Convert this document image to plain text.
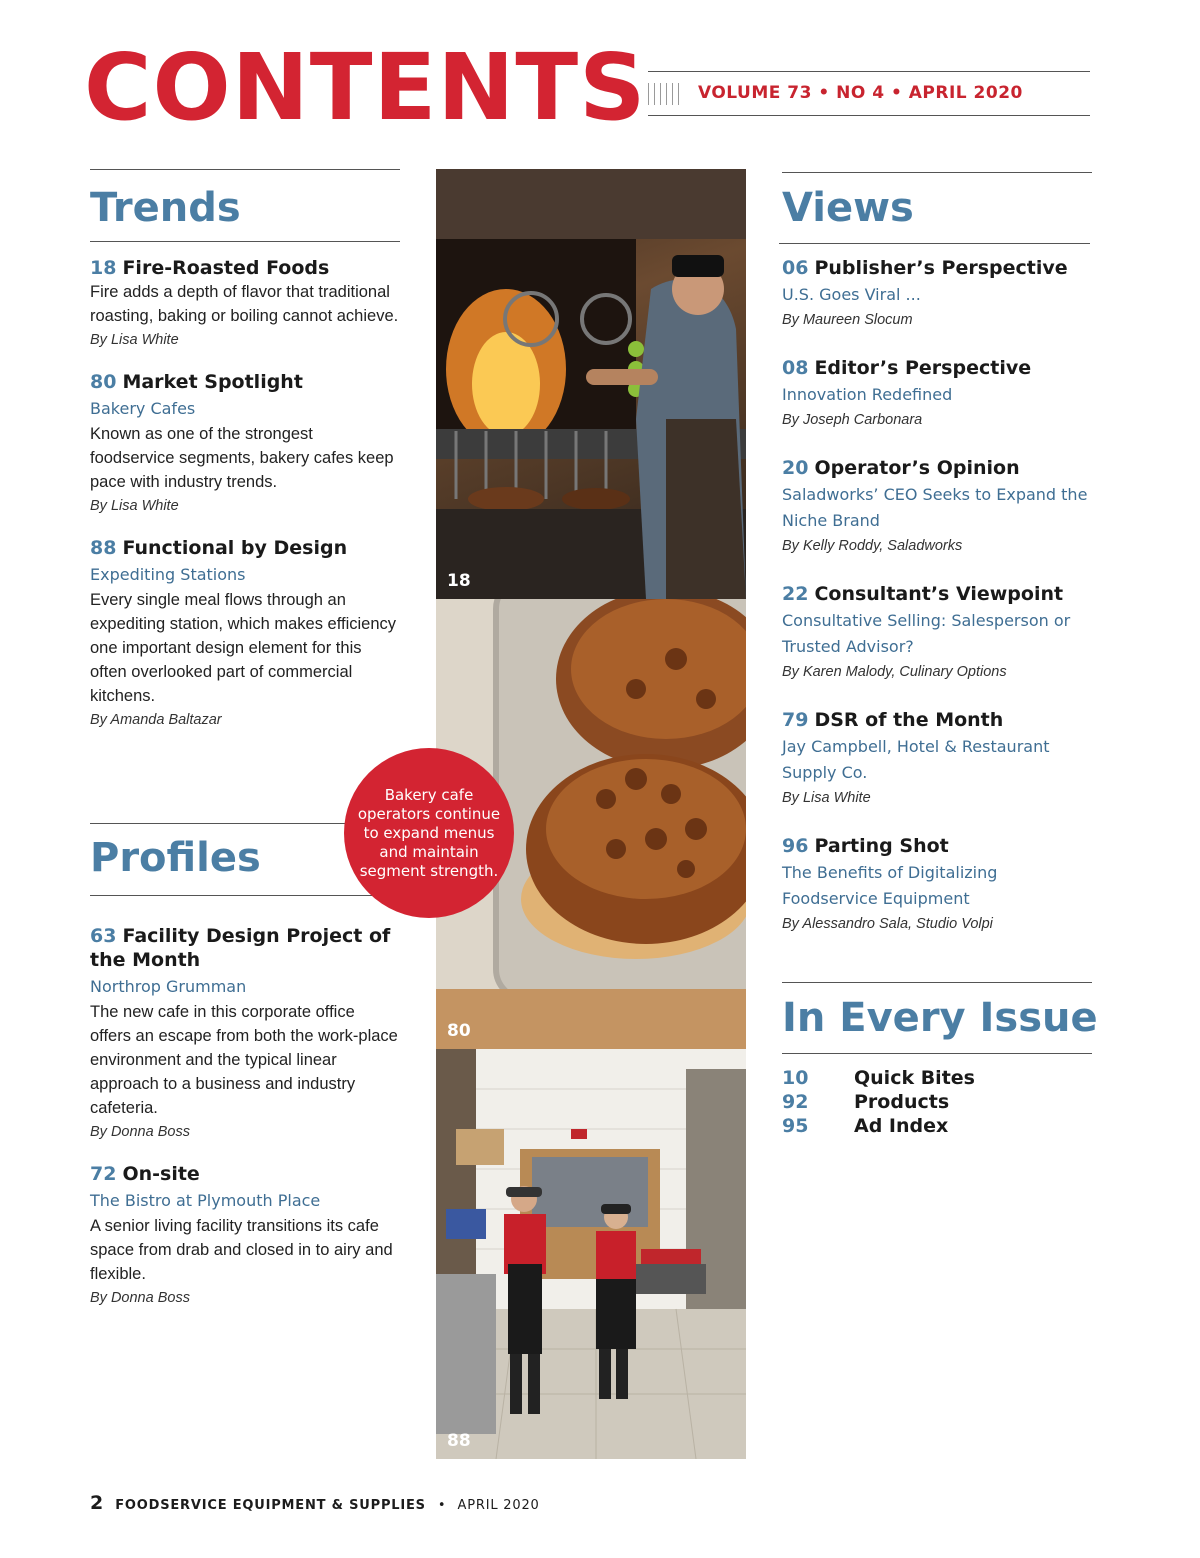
CONTENTS	VOLUME 73 • NO 4 • APRIL 2020
Trends
18 Fire-Roasted Foods
Fire adds a depth of flavor that traditional roasting, baking or boiling cannot achieve.
By Lisa White
80 Market Spotlight
Bakery Cafes
Known as one of the strongest foodservice segments, bakery cafes keep pace with industry trends.
By Lisa White
88 Functional by Design
Expediting Stations
Every single meal flows through an expediting station, which makes efficiency one important design element for this often overlooked part of commercial kitchens.
By Amanda Baltazar
Profiles
63 Facility Design Project of the Month
Northrop Grumman
The new cafe in this corporate office offers an escape from both the work-place environment and the typical linear approach to a business and industry cafeteria.
By Donna Boss
72 On-site
The Bistro at Plymouth Place
A senior living facility transitions its cafe space from drab and closed in to airy and flexible.
By Donna Boss
18
80
88
Bakery cafe operators continue to expand menus and maintain segment strength.
Views
06 Publisher’s Perspective
U.S. Goes Viral ...
By Maureen Slocum
08 Editor’s Perspective
Innovation Redefined
By Joseph Carbonara
20 Operator’s Opinion
Saladworks’ CEO Seeks to Expand the Niche Brand
By Kelly Roddy, Saladworks
22 Consultant’s Viewpoint
Consultative Selling: Salesperson or Trusted Advisor?
By Karen Malody, Culinary Options
79 DSR of the Month
Jay Campbell, Hotel & Restaurant Supply Co.
By Lisa White
96 Parting Shot
The Benefits of Digitalizing Foodservice Equipment
By Alessandro Sala, Studio Volpi
In Every Issue
10 Quick Bites
92 Products
95 Ad Index
2 FOODSERVICE EQUIPMENT & SUPPLIES • APRIL 2020
